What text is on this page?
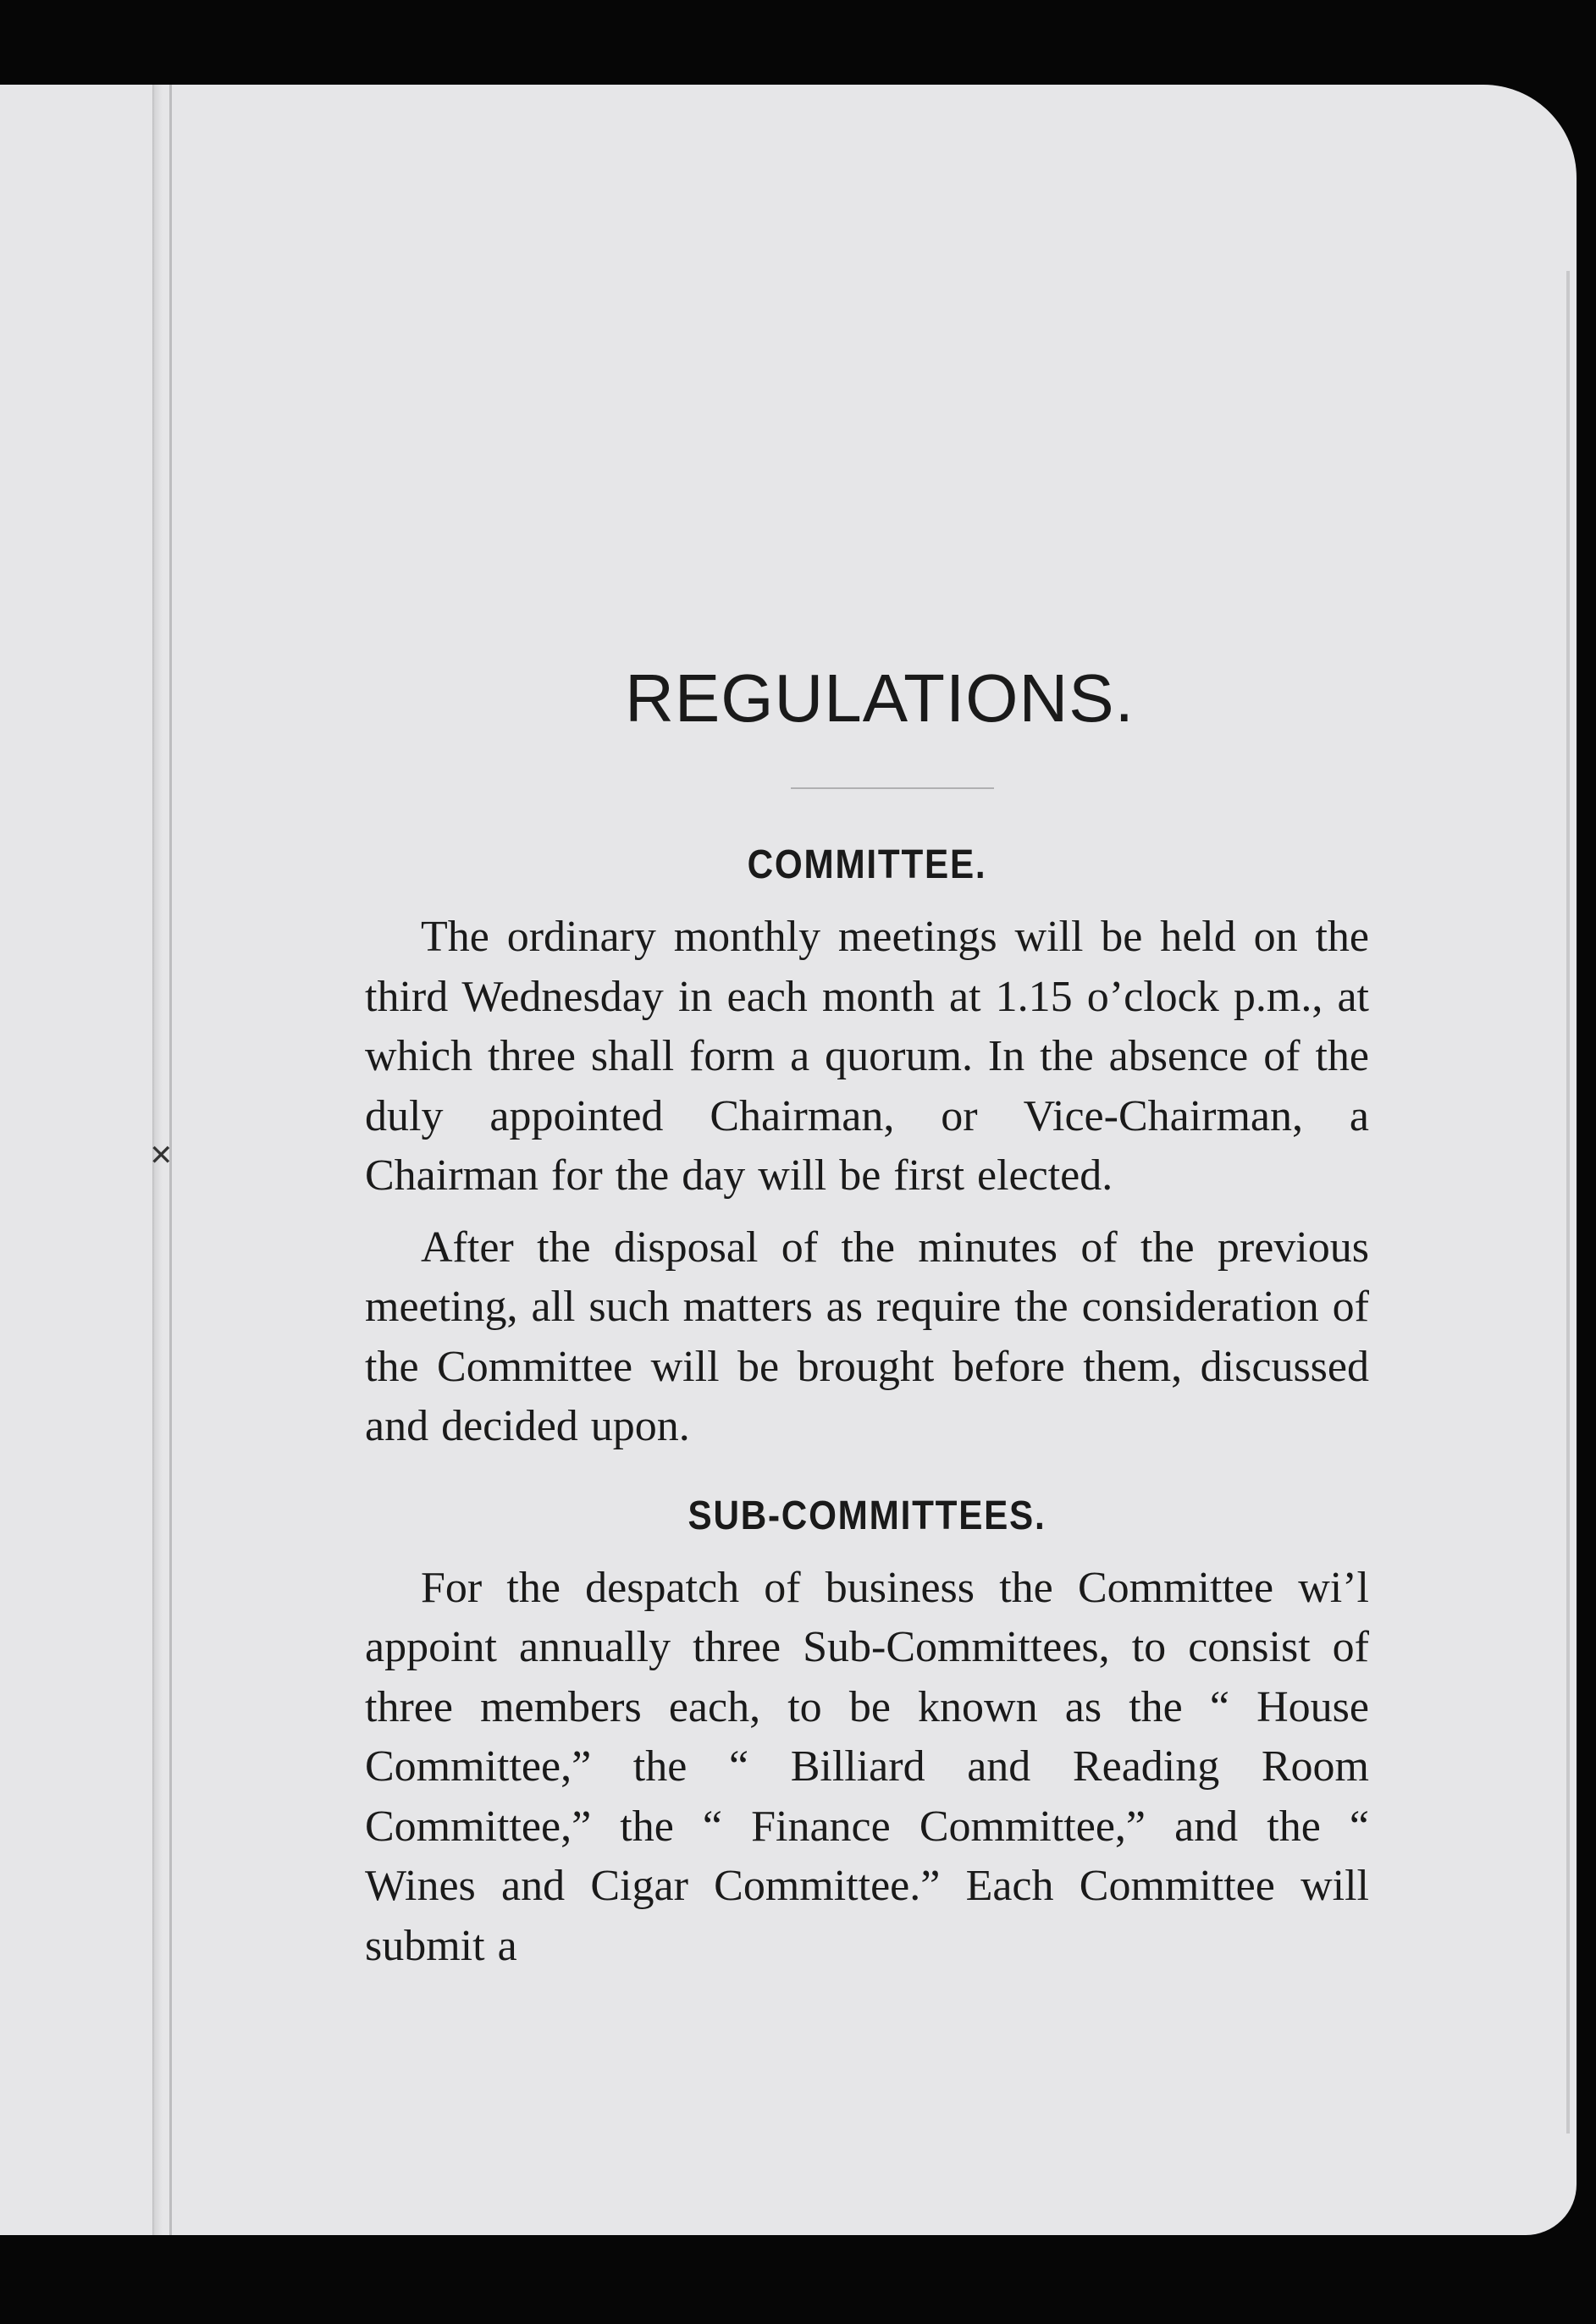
✕
REGULATIONS.
COMMITTEE.

The ordinary monthly meetings will be held on the third Wednesday in each month at 1.15 o’clock p.m., at which three shall form a quorum. In the absence of the duly appointed Chairman, or Vice-Chairman, a Chairman for the day will be first elected.

After the disposal of the minutes of the previous meeting, all such matters as require the consideration of the Committee will be brought before them, discussed and decided upon.

SUB-COMMITTEES.

For the despatch of business the Committee wi’l appoint annually three Sub-Committees, to consist of three members each, to be known as the “ House Committee,” the “ Billiard and Reading Room Committee,” the “ Finance Committee,” and the “ Wines and Cigar Committee.” Each Committee will submit a
